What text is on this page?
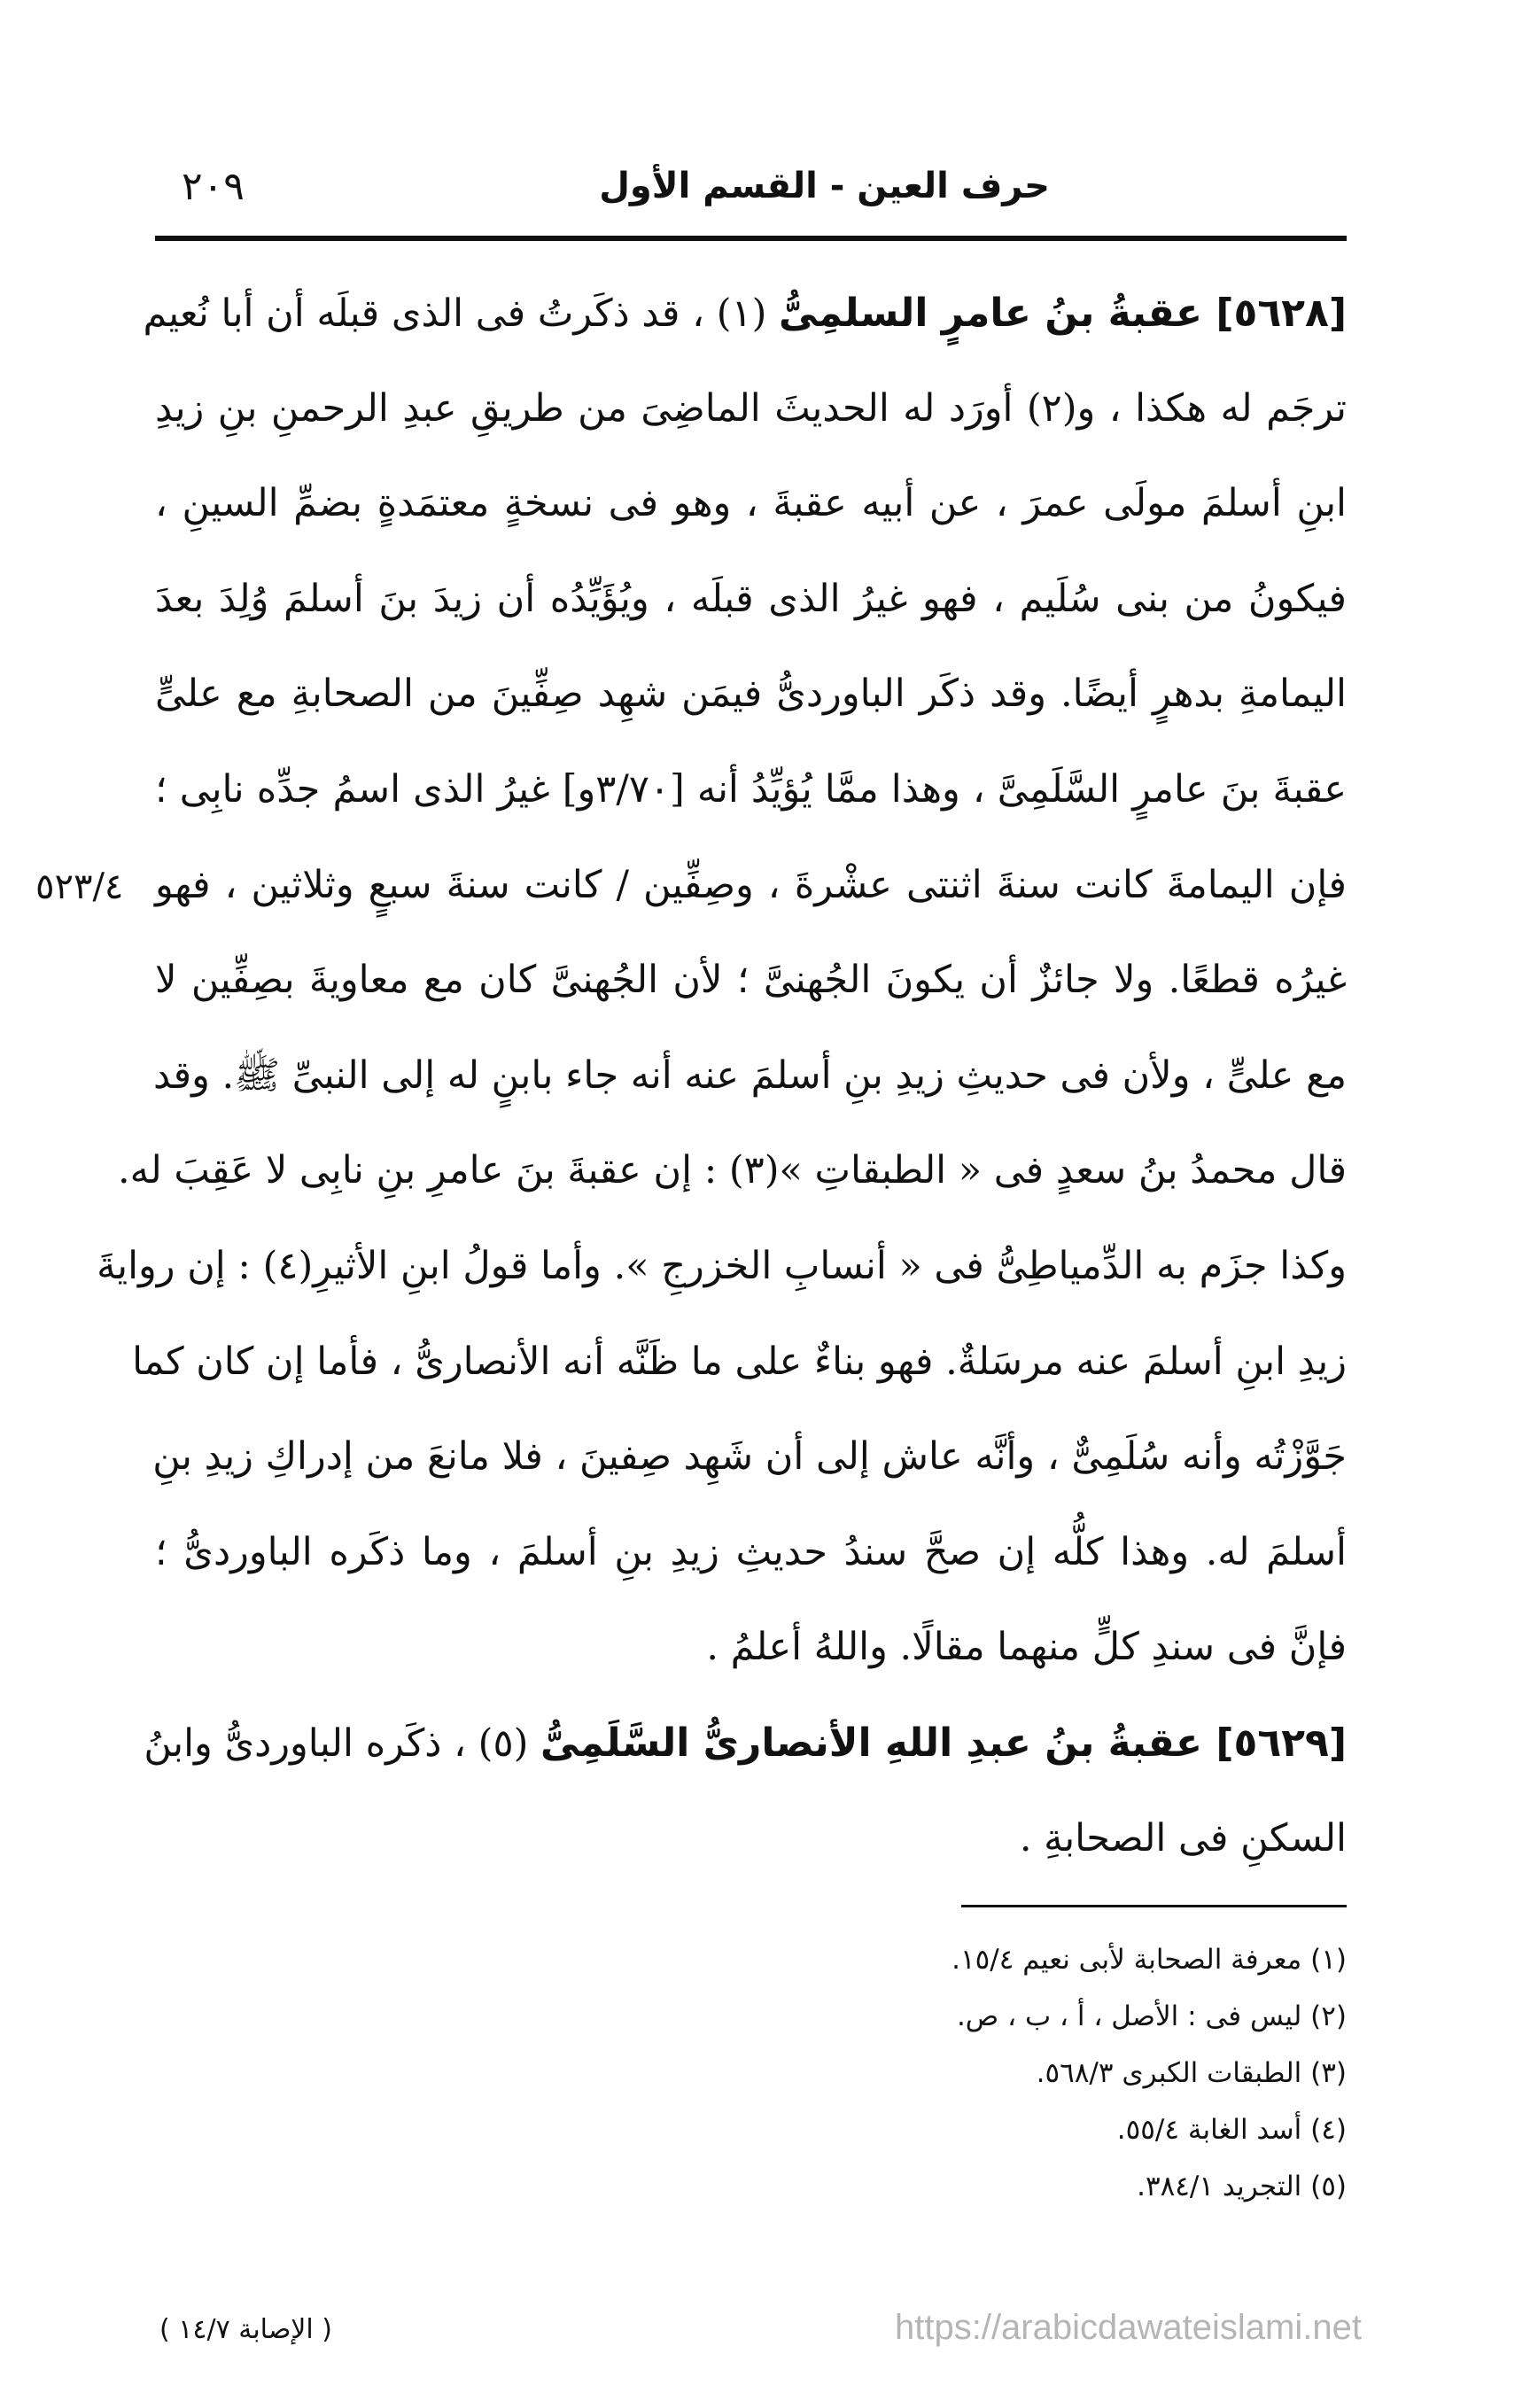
حرف العين - القسم الأول
٢٠٩
٥٢٣/٤
[٥٦٢٨] عقبةُ بنُ عامرٍ السلمِىُّ (١) ، قد ذكَرتُ فى الذى قبلَه أن أبا نُعيم
ترجَم له هكذا ، و(٢) أورَد له الحديثَ الماضِىَ من طريقِ عبدِ الرحمنِ بنِ زيدِ
ابنِ أسلمَ مولَى عمرَ ، عن أبيه عقبةَ ، وهو فى نسخةٍ معتمَدةٍ بضمِّ السينِ ،
فيكونُ من بنى سُلَيم ، فهو غيرُ الذى قبلَه ، ويُؤَيِّدُه أن زيدَ بنَ أسلمَ وُلِدَ بعدَ
اليمامةِ بدهرٍ أيضًا. وقد ذكَر الباوردىُّ فيمَن شهِد صِفِّينَ من الصحابةِ مع علىٍّ
عقبةَ بنَ عامرٍ السَّلَمِىَّ ، وهذا ممَّا يُؤيِّدُ أنه [٣/٧٠و] غيرُ الذى اسمُ جدِّه نابِى ؛
فإن اليمامةَ كانت سنةَ اثنتى عشْرةَ ، وصِفِّين / كانت سنةَ سبعٍ وثلاثين ، فهو
غيرُه قطعًا. ولا جائزٌ أن يكونَ الجُهنىَّ ؛ لأن الجُهنىَّ كان مع معاويةَ بصِفِّين لا
مع علىٍّ ، ولأن فى حديثِ زيدِ بنِ أسلمَ عنه أنه جاء بابنٍ له إلى النبىِّ ﷺ. وقد
قال محمدُ بنُ سعدٍ فى « الطبقاتِ »(٣) : إن عقبةَ بنَ عامرِ بنِ نابِى لا عَقِبَ له.
وكذا جزَم به الدِّمياطِىُّ فى « أنسابِ الخزرجِ ». وأما قولُ ابنِ الأثيرِ(٤) : إن روايةَ
زيدِ ابنِ أسلمَ عنه مرسَلةٌ. فهو بناءٌ على ما ظَنَّه أنه الأنصارىُّ ، فأما إن كان كما
جَوَّزْتُه وأنه سُلَمِىٌّ ، وأنَّه عاش إلى أن شَهِد صِفينَ ، فلا مانعَ من إدراكِ زيدِ بنِ
أسلمَ له. وهذا كلُّه إن صحَّ سندُ حديثِ زيدِ بنِ أسلمَ ، وما ذكَره الباوردىُّ ؛
فإنَّ فى سندِ كلٍّ منهما مقالًا. واللهُ أعلمُ .
[٥٦٢٩] عقبةُ بنُ عبدِ اللهِ الأنصارىُّ السَّلَمِىُّ (٥) ، ذكَره الباوردىُّ وابنُ
السكنِ فى الصحابةِ .
(١) معرفة الصحابة لأبى نعيم ١٥/٤.
(٢) ليس فى : الأصل ، أ ، ب ، ص.
(٣) الطبقات الكبرى ٥٦٨/٣.
(٤) أسد الغابة ٥٥/٤.
(٥) التجريد ٣٨٤/١.
( الإصابة ١٤/٧ )	https://arabicdawateislami.net
